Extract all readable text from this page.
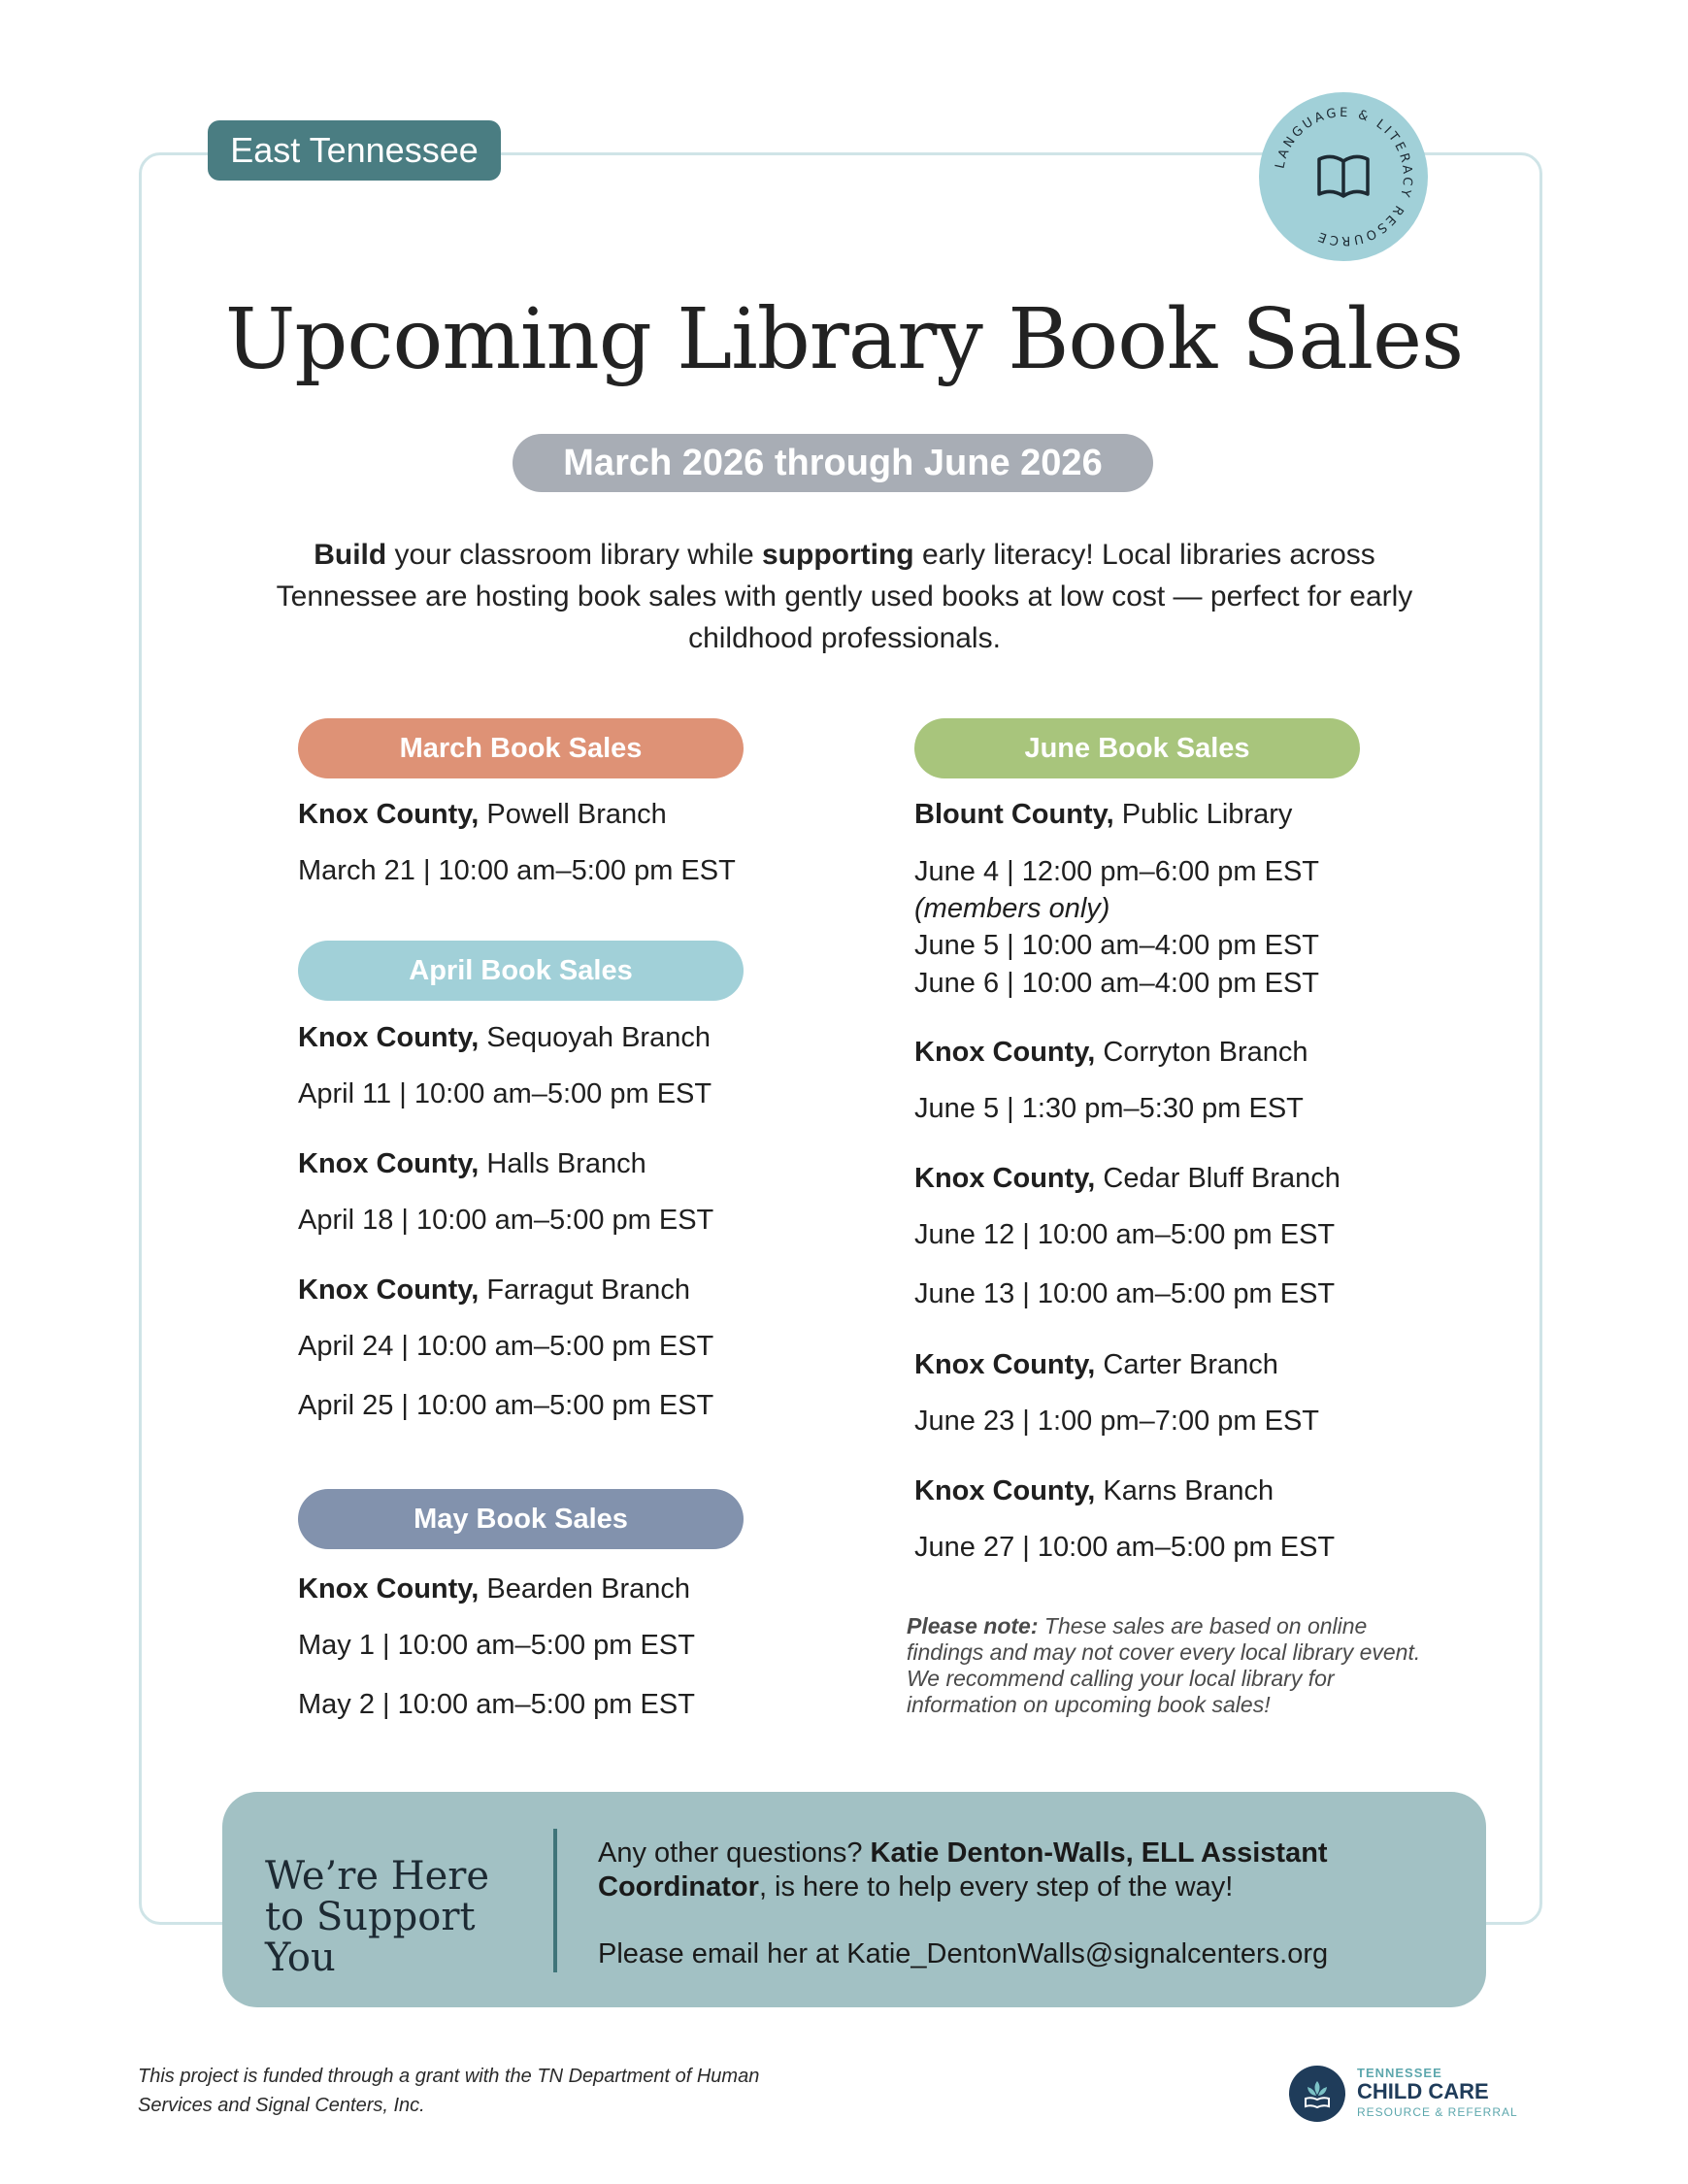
East Tennessee	LANGUAGE & LITERACY RESOURCE
Upcoming Library Book Sales
March 2026 through June 2026
Build your classroom library while supporting early literacy! Local libraries across Tennessee are hosting book sales with gently used books at low cost — perfect for early childhood professionals.
March Book Sales
Knox County, Powell Branch
March 21 | 10:00 am–5:00 pm EST
April Book Sales
Knox County, Sequoyah Branch
April 11 | 10:00 am–5:00 pm EST
Knox County, Halls Branch
April 18 | 10:00 am–5:00 pm EST
Knox County, Farragut Branch
April 24 | 10:00 am–5:00 pm EST
April 25 | 10:00 am–5:00 pm EST
May Book Sales
Knox County, Bearden Branch
May 1 | 10:00 am–5:00 pm EST
May 2 | 10:00 am–5:00 pm EST
June Book Sales
Blount County, Public Library
June 4 | 12:00 pm–6:00 pm EST
(members only)
June 5 | 10:00 am–4:00 pm EST
June 6 | 10:00 am–4:00 pm EST
Knox County, Corryton Branch
June 5 | 1:30 pm–5:30 pm EST
Knox County, Cedar Bluff Branch
June 12 | 10:00 am–5:00 pm EST
June 13 | 10:00 am–5:00 pm EST
Knox County, Carter Branch
June 23 | 1:00 pm–7:00 pm EST
Knox County, Karns Branch
June 27 | 10:00 am–5:00 pm EST
Please note: These sales are based on online findings and may not cover every local library event. We recommend calling your local library for information on upcoming book sales!
We’re Here to Support You
Any other questions? Katie Denton-Walls, ELL Assistant Coordinator, is here to help every step of the way!
Please email her at Katie_DentonWalls@signalcenters.org
This project is funded through a grant with the TN Department of Human Services and Signal Centers, Inc.
TENNESSEE
CHILD CARE
RESOURCE & REFERRAL
